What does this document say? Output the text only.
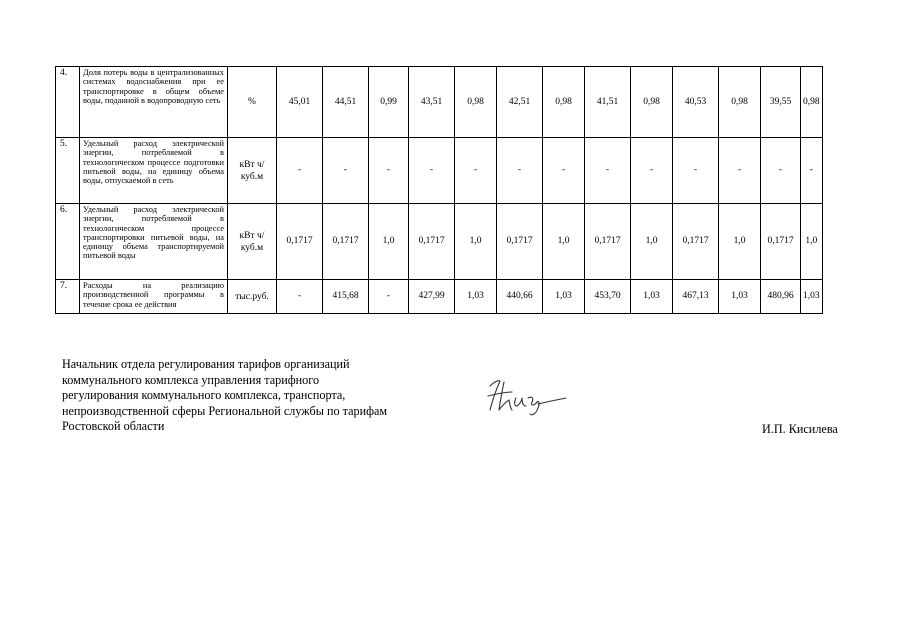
4.	Доля потерь воды в централизованных системах водоснабжения при ее транспортировке в общем объеме воды, поданной в водопроводную сеть	%	45,01	44,51	0,99	43,51	0,98	42,51	0,98	41,51	0,98	40,53	0,98	39,55	0,98
5.	Удельный расход электрической энергии, потребляемой в технологическом процессе подготовки питьевой воды, на единицу объема воды, отпускаемой в сеть	кВт ч/куб.м	-	-	-	-	-	-	-	-	-	-	-	-	-
6.	Удельный расход электрической энергии, потребляемой в технологическом процессе транспортировки питьевой воды, на единицу объема транспортируемой питьевой воды	кВт ч/куб.м	0,1717	0,1717	1,0	0,1717	1,0	0,1717	1,0	0,1717	1,0	0,1717	1,0	0,1717	1,0
7.	Расходы на реализацию производственной программы в течение срока ее действия	тыс.руб.	-	415,68	-	427,99	1,03	440,66	1,03	453,70	1,03	467,13	1,03	480,96	1,03
Начальник отдела регулирования тарифов организаций коммунального комплекса управления тарифного регулирования коммунального комплекса, транспорта, непроизводственной сферы Региональной службы по тарифам Ростовской области	И.П. Кисилева
